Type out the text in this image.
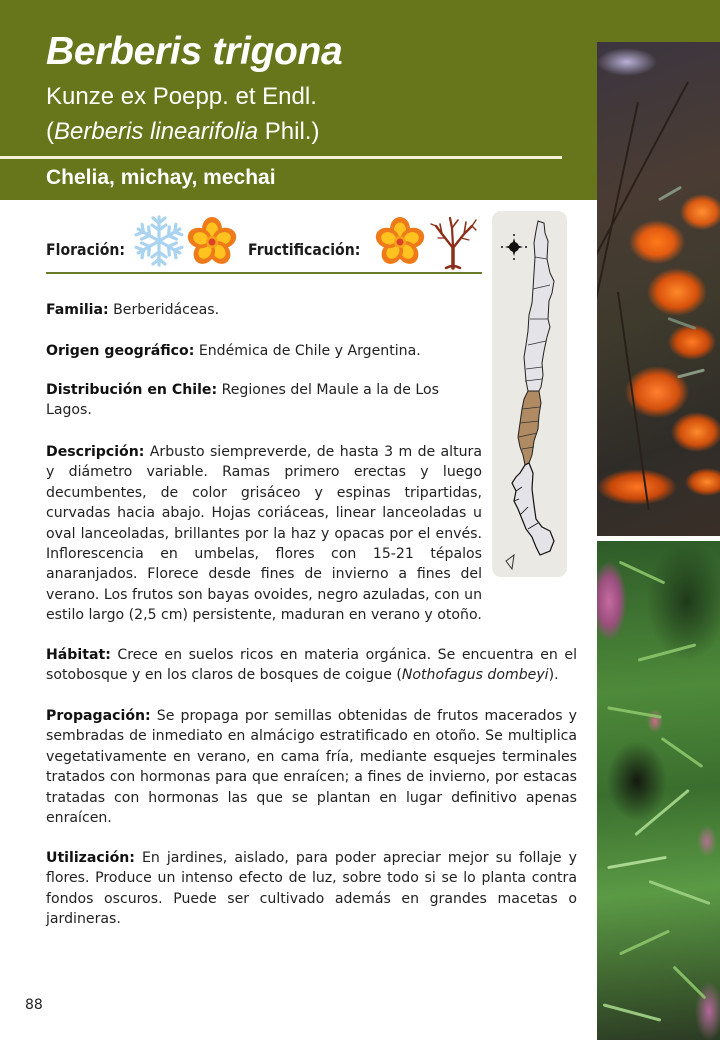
Berberis trigona
Kunze ex Poepp. et Endl.
(Berberis linearifolia Phil.)
Chelia, michay, mechai
Floración:	Fructificación:
Familia: Berberidáceas.
Origen geográfico: Endémica de Chile y Argentina.
Distribución en Chile: Regiones del Maule a la de Los Lagos.
Descripción: Arbusto siempreverde, de hasta 3 m de altura y diámetro variable. Ramas primero erectas y luego decumbentes, de color grisáceo y espinas tripartidas, curvadas hacia abajo. Hojas coriáceas, linear lanceoladas u oval lanceoladas, brillantes por la haz y opacas por el envés. Inflorescencia en umbelas, flores con 15-21 tépalos anaranjados. Florece desde fines de invierno a fines del verano. Los frutos son bayas ovoides, negro azuladas, con un estilo largo (2,5 cm) persistente, maduran en verano y otoño.
Hábitat: Crece en suelos ricos en materia orgánica. Se encuentra en el sotobosque y en los claros de bosques de coigue (Nothofagus dombeyi).
Propagación: Se propaga por semillas obtenidas de frutos macerados y sembradas de inmediato en almácigo estratificado en otoño. Se multiplica vegetativamente en verano, en cama fría, mediante esquejes terminales tratados con hormonas para que enraícen; a fines de invierno, por estacas tratadas con hormonas las que se plantan en lugar definitivo apenas enraícen.
Utilización: En jardines, aislado, para poder apreciar mejor su follaje y flores. Produce un intenso efecto de luz, sobre todo si se lo planta contra fondos oscuros. Puede ser cultivado además en grandes macetas o jardineras.
88
